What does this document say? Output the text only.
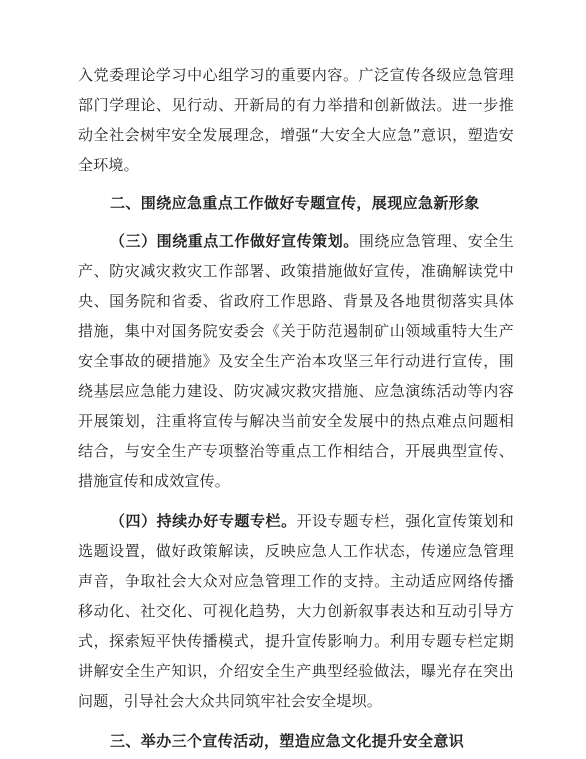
入党委理论学习中心组学习的重要内容。广泛宣传各级应急管理部门学理论、见行动、开新局的有力举措和创新做法。进一步推动全社会树牢安全发展理念，增强“大安全大应急”意识，塑造安全环境。

二、围绕应急重点工作做好专题宣传，展现应急新形象

（三）围绕重点工作做好宣传策划。围绕应急管理、安全生产、防灾减灾救灾工作部署、政策措施做好宣传，准确解读党中央、国务院和省委、省政府工作思路、背景及各地贯彻落实具体措施，集中对国务院安委会《关于防范遏制矿山领域重特大生产安全事故的硬措施》及安全生产治本攻坚三年行动进行宣传，围绕基层应急能力建设、防灾减灾救灾措施、应急演练活动等内容开展策划，注重将宣传与解决当前安全发展中的热点难点问题相结合，与安全生产专项整治等重点工作相结合，开展典型宣传、措施宣传和成效宣传。

（四）持续办好专题专栏。开设专题专栏，强化宣传策划和选题设置，做好政策解读，反映应急人工作状态，传递应急管理声音，争取社会大众对应急管理工作的支持。主动适应网络传播移动化、社交化、可视化趋势，大力创新叙事表达和互动引导方式，探索短平快传播模式，提升宣传影响力。利用专题专栏定期讲解安全生产知识，介绍安全生产典型经验做法，曝光存在突出问题，引导社会大众共同筑牢社会安全堤坝。

三、举办三个宣传活动，塑造应急文化提升安全意识
